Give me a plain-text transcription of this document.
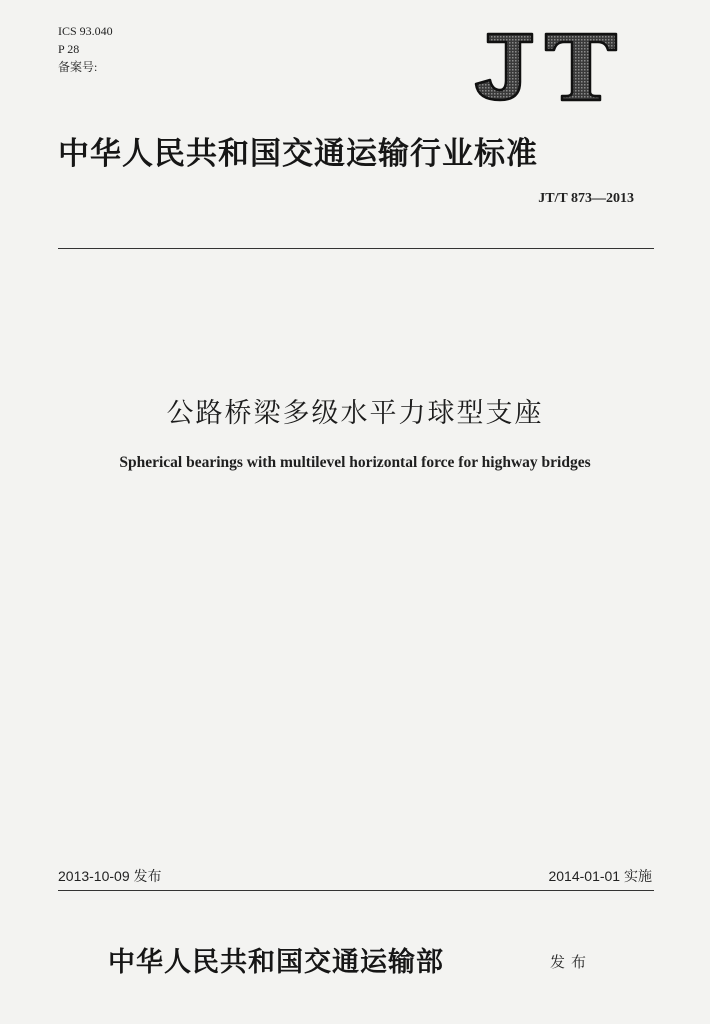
ICS 93.040
P 28
备案号:
JT
中华人民共和国交通运输行业标准
JT/T 873—2013
公路桥梁多级水平力球型支座
Spherical bearings with multilevel horizontal force for highway bridges
2013-10-09 发布	2014-01-01 实施
中华人民共和国交通运输部	发布
